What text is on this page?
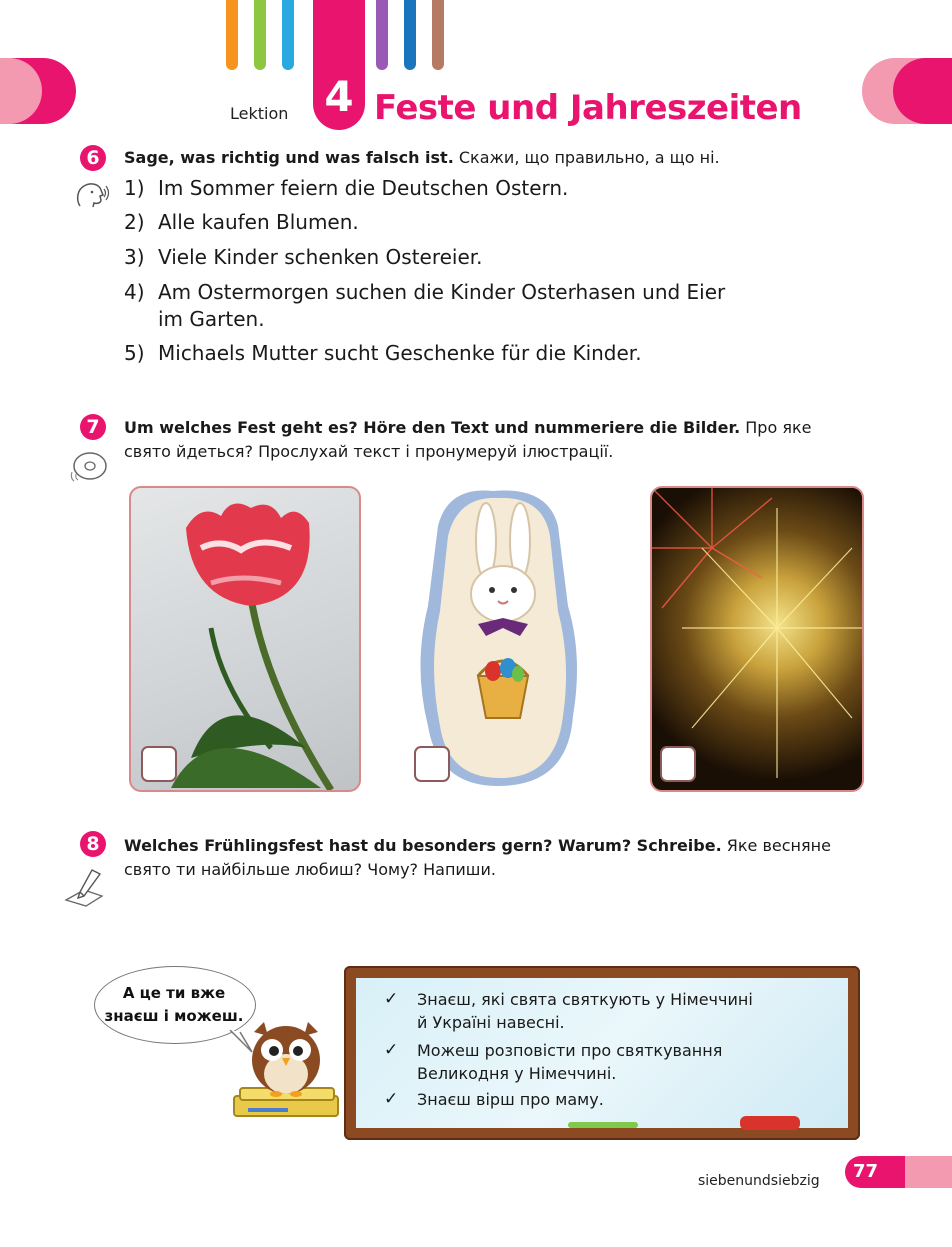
4
Lektion	Feste und Jahreszeiten
6	Sage, was richtig und was falsch ist. Скажи, що правильно, а що ні.
1) Im Sommer feiern die Deutschen Ostern.
2) Alle kaufen Blumen.
3) Viele Kinder schenken Ostereier.
4) Am Ostermorgen suchen die Kinder Osterhasen und Eier
im Garten.
5) Michaels Mutter sucht Geschenke für die Kinder.
7	Um welches Fest geht es? Höre den Text und nummeriere die Bilder. Про яке
свято йдеться? Прослухай текст і пронумеруй ілюстрації.
8	Welches Frühlingsfest hast du besonders gern? Warum? Schreibe. Яке весняне
свято ти найбільше любиш? Чому? Напиши.
А це ти вже
знаєш і можеш.
✓ Знаєш, які свята святкують у Німеччині
й Україні навесні.
✓ Можеш розповісти про святкування
Великодня у Німеччині.
✓ Знаєш вірш про маму.
siebenundsiebzig	77
